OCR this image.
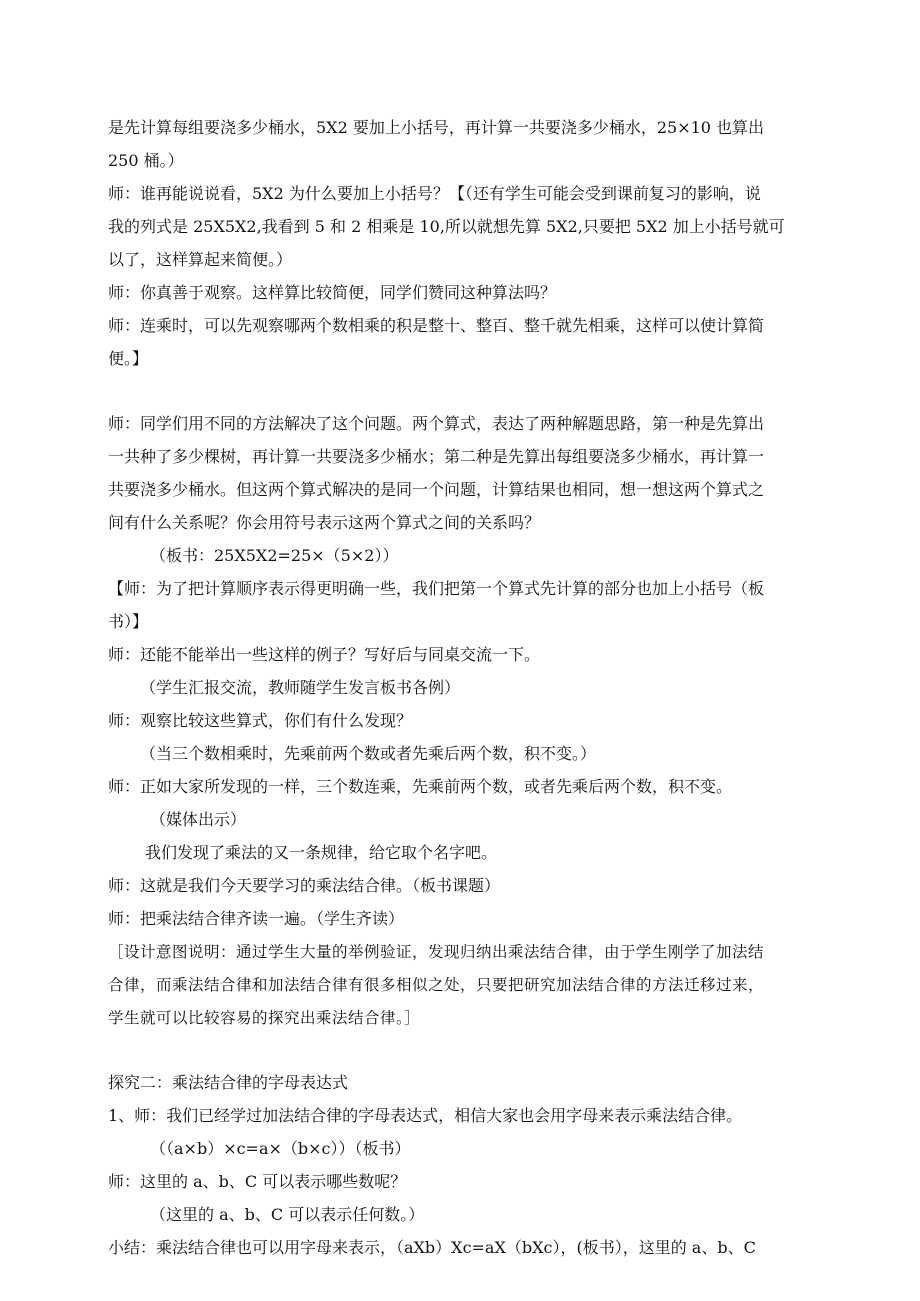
是先计算每组要浇多少桶水，5X2 要加上小括号，再计算一共要浇多少桶水，25×10 也算出
250 桶。）
师：谁再能说说看，5X2 为什么要加上小括号？【（还有学生可能会受到课前复习的影响，说
我的列式是 25X5X2,我看到 5 和 2 相乘是 10,所以就想先算 5X2,只要把 5X2 加上小括号就可
以了，这样算起来简便。）
师：你真善于观察。这样算比较简便，同学们赞同这种算法吗？
师：连乘时，可以先观察哪两个数相乘的积是整十、整百、整千就先相乘，这样可以使计算简
便。】
师：同学们用不同的方法解决了这个问题。两个算式，表达了两种解题思路，第一种是先算出
一共种了多少棵树，再计算一共要浇多少桶水；第二种是先算出每组要浇多少桶水，再计算一
共要浇多少桶水。但这两个算式解决的是同一个问题，计算结果也相同，想一想这两个算式之
间有什么关系呢？你会用符号表示这两个算式之间的关系吗？
（板书：25X5X2=25×（5×2））
【师：为了把计算顺序表示得更明确一些，我们把第一个算式先计算的部分也加上小括号（板
书）】
师：还能不能举出一些这样的例子？写好后与同桌交流一下。
（学生汇报交流，教师随学生发言板书各例）
师：观察比较这些算式，你们有什么发现？
（当三个数相乘时，先乘前两个数或者先乘后两个数，积不变。）
师：正如大家所发现的一样，三个数连乘，先乘前两个数，或者先乘后两个数，积不变。
（媒体出示）
我们发现了乘法的又一条规律，给它取个名字吧。
师：这就是我们今天要学习的乘法结合律。（板书课题）
师：把乘法结合律齐读一遍。（学生齐读）
［设计意图说明：通过学生大量的举例验证，发现归纳出乘法结合律，由于学生刚学了加法结
合律，而乘法结合律和加法结合律有很多相似之处，只要把研究加法结合律的方法迁移过来，
学生就可以比较容易的探究出乘法结合律。］
探究二：乘法结合律的字母表达式
1、师：我们已经学过加法结合律的字母表达式，相信大家也会用字母来表示乘法结合律。
（（a×b）×c=a×（b×c））（板书）
师：这里的 a、b、C 可以表示哪些数呢？
（这里的 a、b、C 可以表示任何数。）
小结：乘法结合律也可以用字母来表示，（aXb）Xc=aX（bXc），(板书），这里的 a、b、C
